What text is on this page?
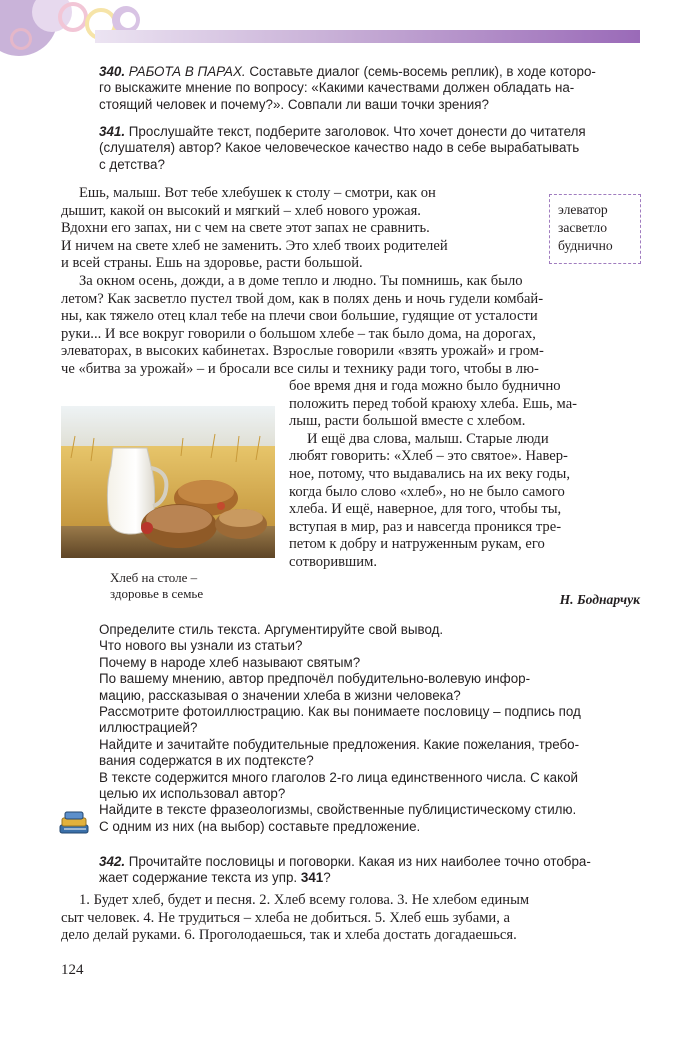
340. РАБОТА В ПАРАХ. Составьте диалог (семь-восемь реплик), в ходе которо-
го выскажите мнение по вопросу: «Какими качествами должен обладать на-
стоящий человек и почему?». Совпали ли ваши точки зрения?
341. Прослушайте текст, подберите заголовок. Что хочет донести до читателя
(слушателя) автор? Какое человеческое качество надо в себе вырабатывать
с детства?
Ешь, малыш. Вот тебе хлебушек к столу – смотри, как он
дышит, какой он высокий и мягкий – хлеб нового урожая.
Вдохни его запах, ни с чем на свете этот запах не сравнить.
И ничем на свете хлеб не заменить. Это хлеб твоих родителей
и всей страны. Ешь на здоровье, расти большой.
элеватор
засветло
буднично
За окном осень, дожди, а в доме тепло и людно. Ты помнишь, как было
летом? Как засветло пустел твой дом, как в полях день и ночь гудели комбай-
ны, как тяжело отец клал тебе на плечи свои большие, гудящие от усталости
руки... И все вокруг говорили о большом хлебе – так было дома, на дорогах,
элеваторах, в высоких кабинетах. Взрослые говорили «взять урожай» и гром-
че «битва за урожай» – и бросали все силы и технику ради того, чтобы в лю-
Хлеб на столе –
здоровье в семье
бое время дня и года можно было буднично
положить перед тобой краюху хлеба. Ешь, ма-
лыш, расти большой вместе с хлебом.
И ещё два слова, малыш. Старые люди
любят говорить: «Хлеб – это святое». Навер-
ное, потому, что выдавались на их веку годы,
когда было слово «хлеб», но не было самого
хлеба. И ещё, наверное, для того, чтобы ты,
вступая в мир, раз и навсегда проникся тре-
петом к добру и натруженным рукам, его
сотворившим.
Н. Боднарчук
Определите стиль текста. Аргументируйте свой вывод.
Что нового вы узнали из статьи?
Почему в народе хлеб называют святым?
По вашему мнению, автор предпочёл побудительно-волевую инфор-
мацию, рассказывая о значении хлеба в жизни человека?
Рассмотрите фотоиллюстрацию. Как вы понимаете пословицу – подпись под
иллюстрацией?
Найдите и зачитайте побудительные предложения. Какие пожелания, требо-
вания содержатся в их подтексте?
В тексте содержится много глаголов 2-го лица единственного числа. С какой
целью их использовал автор?
Найдите в тексте фразеологизмы, свойственные публицистическому стилю.
С одним из них (на выбор) составьте предложение.
342. Прочитайте пословицы и поговорки. Какая из них наиболее точно отобра-
жает содержание текста из упр. 341?
1. Будет хлеб, будет и песня. 2. Хлеб всему голова. 3. Не хлебом единым
сыт человек. 4. Не трудиться – хлеба не добиться. 5. Хлеб ешь зубами, а
дело делай руками. 6. Проголодаешься, так и хлеба достать догадаешься.
124
